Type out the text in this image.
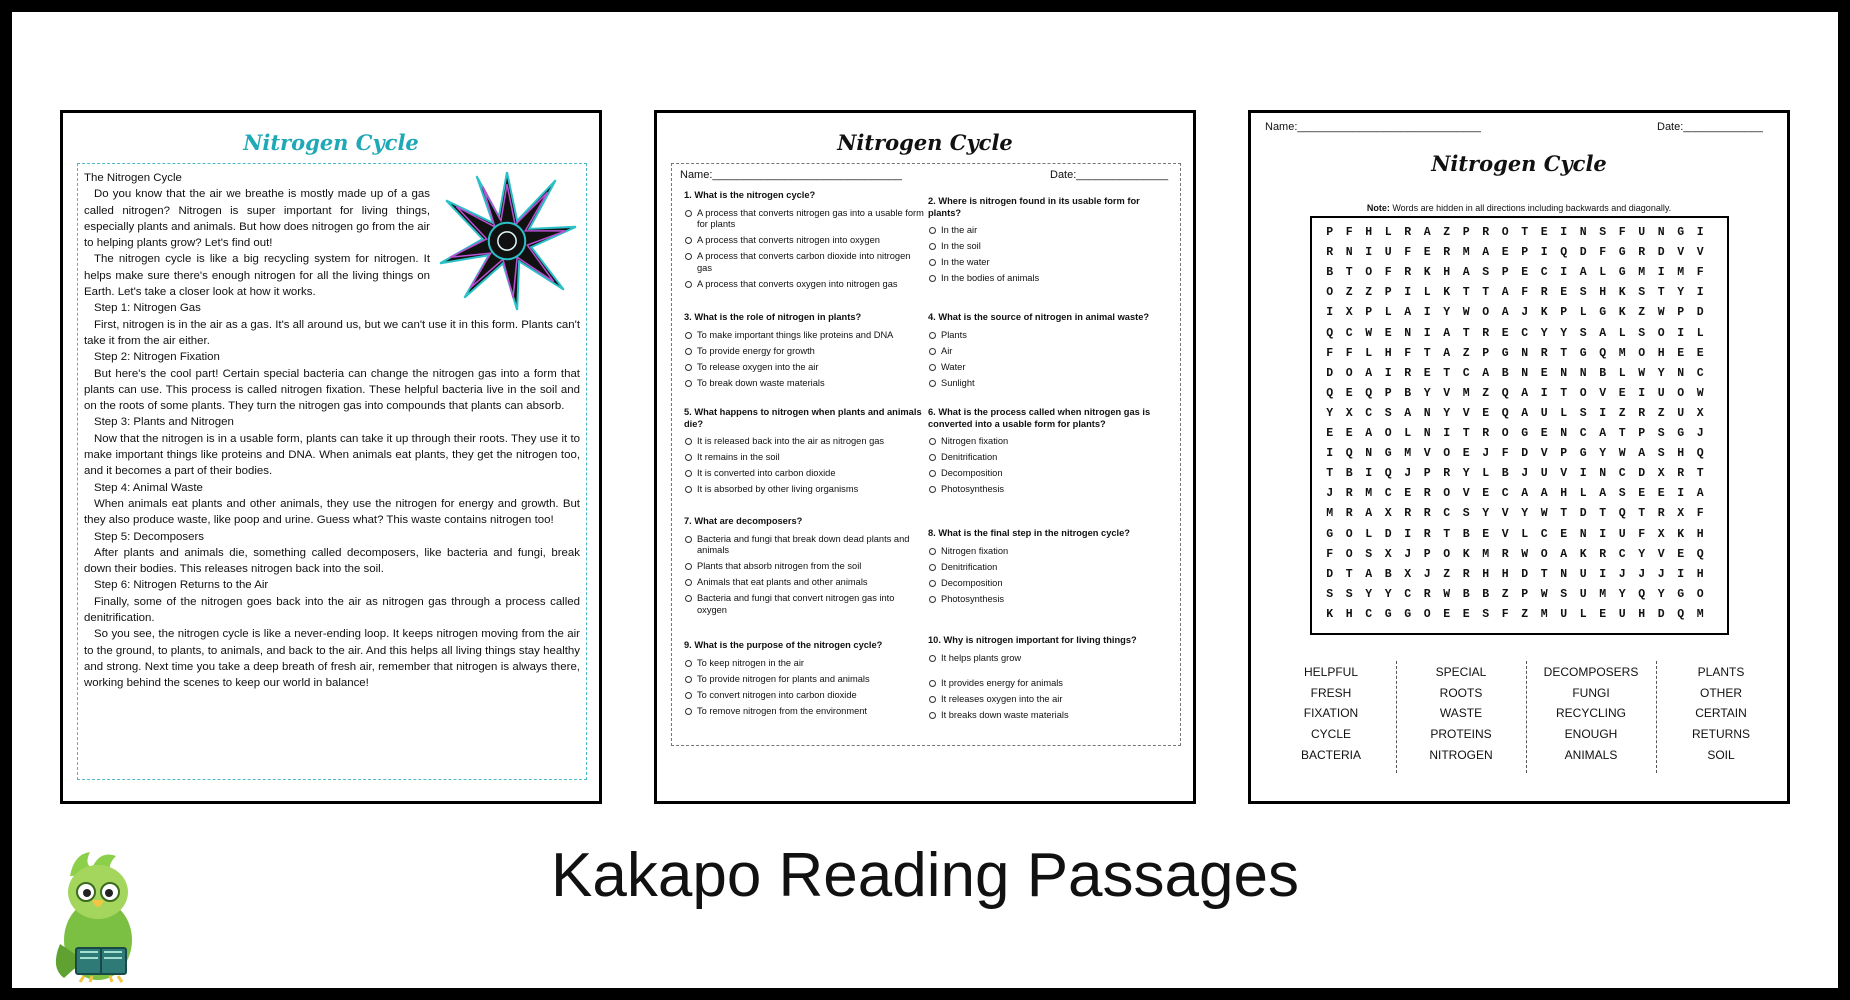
Nitrogen Cycle

The Nitrogen Cycle

Do you know that the air we breathe is mostly made up of a gas called nitrogen? Nitrogen is super important for living things, especially plants and animals. But how does nitrogen go from the air to helping plants grow? Let's find out!

The nitrogen cycle is like a big recycling system for nitrogen. It helps make sure there's enough nitrogen for all the living things on Earth. Let's take a closer look at how it works.

Step 1: Nitrogen Gas

First, nitrogen is in the air as a gas. It's all around us, but we can't use it in this form. Plants can't take it from the air either.

Step 2: Nitrogen Fixation

But here's the cool part! Certain special bacteria can change the nitrogen gas into a form that plants can use. This process is called nitrogen fixation. These helpful bacteria live in the soil and on the roots of some plants. They turn the nitrogen gas into compounds that plants can absorb.

Step 3: Plants and Nitrogen

Now that the nitrogen is in a usable form, plants can take it up through their roots. They use it to make important things like proteins and DNA. When animals eat plants, they get the nitrogen too, and it becomes a part of their bodies.

Step 4: Animal Waste

When animals eat plants and other animals, they use the nitrogen for energy and growth. But they also produce waste, like poop and urine. Guess what? This waste contains nitrogen too!

Step 5: Decomposers

After plants and animals die, something called decomposers, like bacteria and fungi, break down their bodies. This releases nitrogen back into the soil.

Step 6: Nitrogen Returns to the Air

Finally, some of the nitrogen goes back into the air as nitrogen gas through a process called denitrification.

So you see, the nitrogen cycle is like a never-ending loop. It keeps nitrogen moving from the air to the ground, to plants, to animals, and back to the air. And this helps all living things stay healthy and strong. Next time you take a deep breath of fresh air, remember that nitrogen is always there, working behind the scenes to keep our world in balance!

Nitrogen Cycle
Name:_______________________________	Date:_______________
1. What is the nitrogen cycle?
A process that converts nitrogen gas into a usable form for plants
A process that converts nitrogen into oxygen
A process that converts carbon dioxide into nitrogen gas
A process that converts oxygen into nitrogen gas
2. Where is nitrogen found in its usable form for plants?
In the air
In the soil
In the water
In the bodies of animals
3. What is the role of nitrogen in plants?
To make important things like proteins and DNA
To provide energy for growth
To release oxygen into the air
To break down waste materials
4. What is the source of nitrogen in animal waste?
Plants
Air
Water
Sunlight
5. What happens to nitrogen when plants and animals die?
It is released back into the air as nitrogen gas
It remains in the soil
It is converted into carbon dioxide
It is absorbed by other living organisms
6. What is the process called when nitrogen gas is converted into a usable form for plants?
Nitrogen fixation
Denitrification
Decomposition
Photosynthesis
7. What are decomposers?
Bacteria and fungi that break down dead plants and animals
Plants that absorb nitrogen from the soil
Animals that eat plants and other animals
Bacteria and fungi that convert nitrogen gas into oxygen
8. What is the final step in the nitrogen cycle?
Nitrogen fixation
Denitrification
Decomposition
Photosynthesis
9. What is the purpose of the nitrogen cycle?
To keep nitrogen in the air
To provide nitrogen for plants and animals
To convert nitrogen into carbon dioxide
To remove nitrogen from the environment
10. Why is nitrogen important for living things?
It helps plants grow
It provides energy for animals
It releases oxygen into the air
It breaks down waste materials
Name:______________________________	Date:_____________
Nitrogen Cycle
Note: Words are hidden in all directions including backwards and diagonally.
P F H L R A Z P R O T E I N S F U N G I
R N I U F E R M A E P I Q D F G R D V V
B T O F R K H A S P E C I A L G M I M F
O Z Z P I L K T T A F R E S H K S T Y I
I X P L A I Y W O A J K P L G K Z W P D
Q C W E N I A T R E C Y Y S A L S O I L
F F L H F T A Z P G N R T G Q M O H E E
D O A I R E T C A B N E N N B L W Y N C
Q E Q P B Y V M Z Q A I T O V E I U O W
Y X C S A N Y V E Q A U L S I Z R Z U X
E E A O L N I T R O G E N C A T P S G J
I Q N G M V O E J F D V P G Y W A S H Q
T B I Q J P R Y L B J U V I N C D X R T
J R M C E R O V E C A A H L A S E E I A
M R A X R R C S Y V Y W T D T Q T R X F
G O L D I R T B E V L C E N I U F X K H
F O S X J P O K M R W O A K R C Y V E Q
D T A B X J Z R H H D T N U I J J J I H
S S Y Y C R W B B Z P W S U M Y Q Y G O
K H C G G O E E S F Z M U L E U H D Q M
HELPFUL
FRESH
FIXATION
CYCLE
BACTERIA
SPECIAL
ROOTS
WASTE
PROTEINS
NITROGEN
DECOMPOSERS
FUNGI
RECYCLING
ENOUGH
ANIMALS
PLANTS
OTHER
CERTAIN
RETURNS
SOIL
Kakapo Reading Passages
